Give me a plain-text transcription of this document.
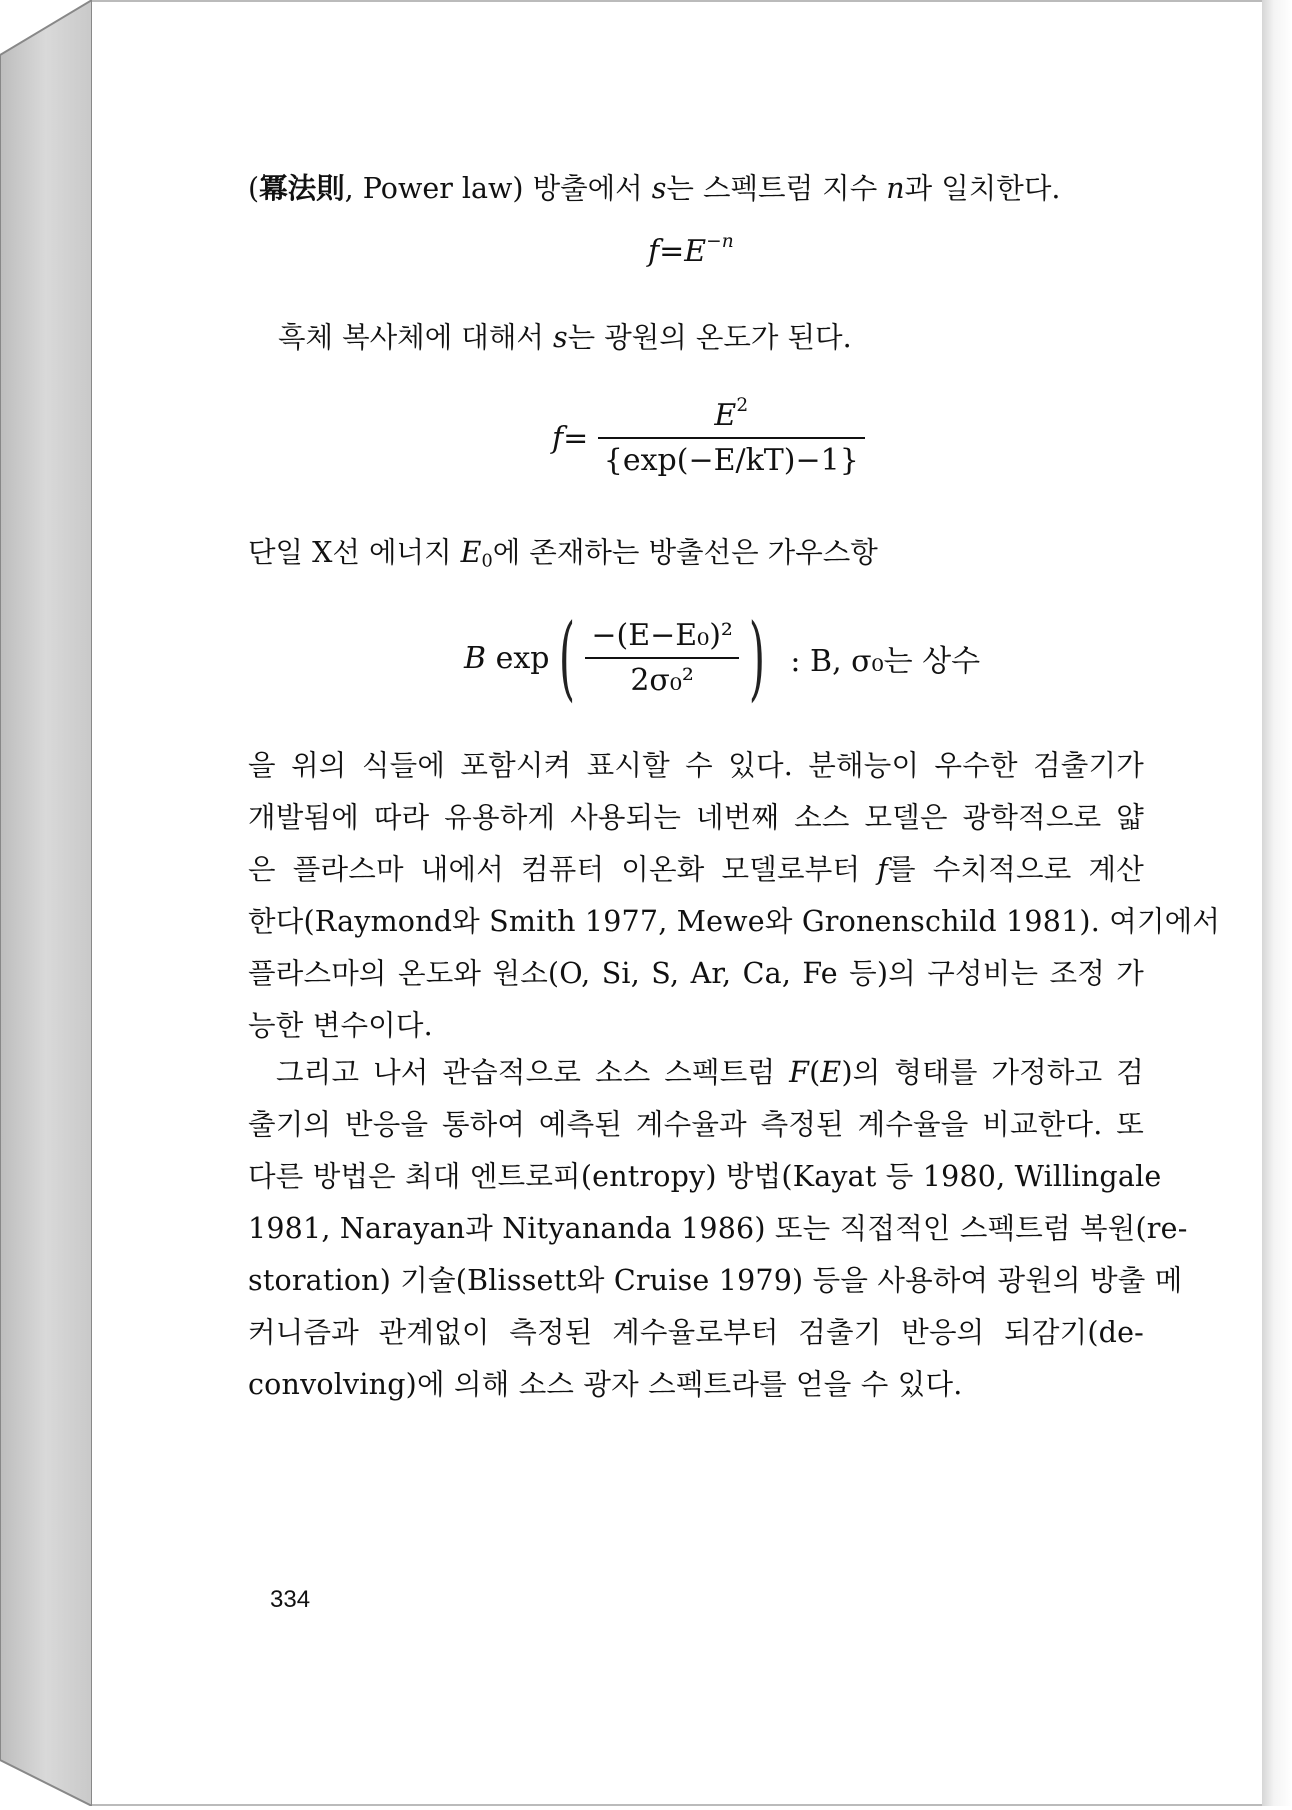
(冪法則, Power law) 방출에서 s는 스펙트럼 지수 n과 일치한다.
$f=E^{-n}$
흑체 복사체에 대해서 s는 광원의 온도가 된다.
$f= \frac{E^2}{\{\exp(-E/kT)-1\}}$
단일 X선 에너지 $E_0$에 존재하는 방출선은 가우스항
B exp ( $\frac{\text{−(E−E₀)²}}{\text{2σ₀²}}$ ) : B, σ₀는 상수
을 위의 식들에 포함시켜 표시할 수 있다. 분해능이 우수한 검출기가
개발됨에 따라 유용하게 사용되는 네번째 소스 모델은 광학적으로 얇
은 플라스마 내에서 컴퓨터 이온화 모델로부터 f를 수치적으로 계산
한다(Raymond와 Smith 1977, Mewe와 Gronenschild 1981). 여기에서
플라스마의 온도와 원소(O, Si, S, Ar, Ca, Fe 등)의 구성비는 조정 가
능한 변수이다.
그리고 나서 관습적으로 소스 스펙트럼 F(E)의 형태를 가정하고 검
출기의 반응을 통하여 예측된 계수율과 측정된 계수율을 비교한다. 또
다른 방법은 최대 엔트로피(entropy) 방법(Kayat 등 1980, Willingale
1981, Narayan과 Nityananda 1986) 또는 직접적인 스펙트럼 복원(re-
storation) 기술(Blissett와 Cruise 1979) 등을 사용하여 광원의 방출 메
커니즘과 관계없이 측정된 계수율로부터 검출기 반응의 되감기(de-
convolving)에 의해 소스 광자 스펙트라를 얻을 수 있다.
334
